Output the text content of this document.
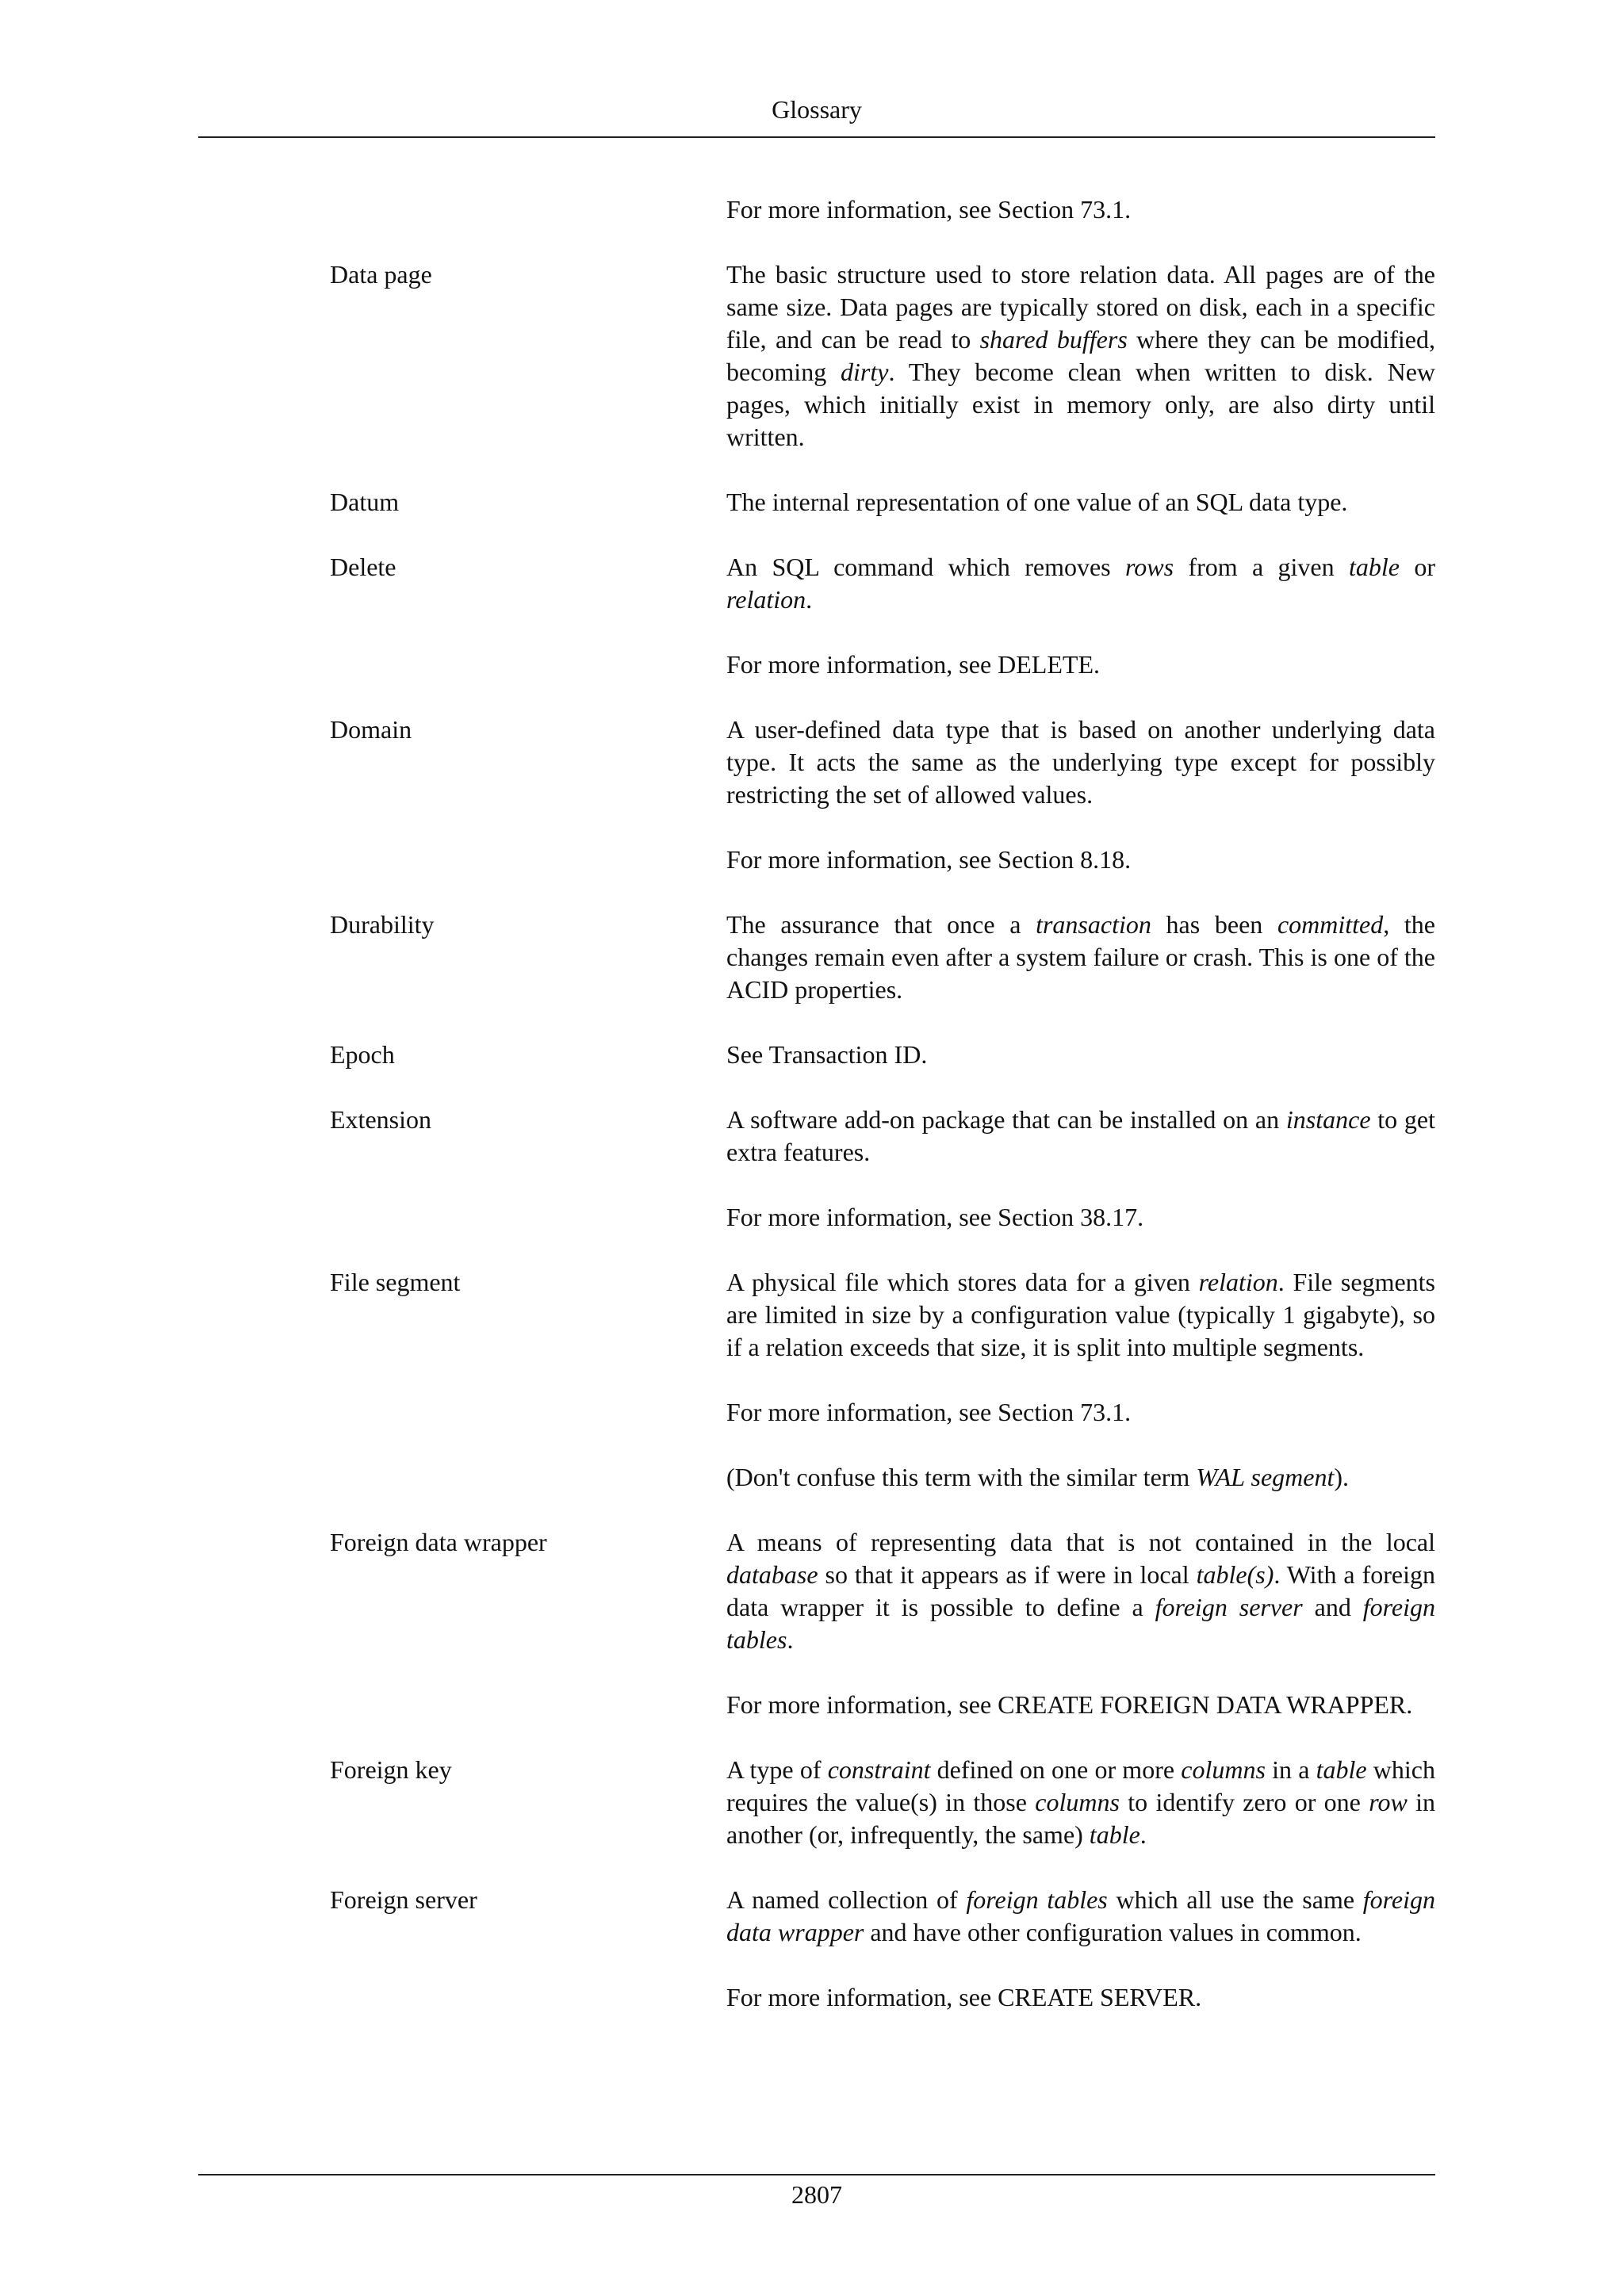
Glossary

For more information, see Section 73.1.

Data page	The basic structure used to store relation data. All pages are of the same size. Data pages are typically stored on disk, each in a specific file, and can be read to shared buffers where they can be modified, becoming dirty. They become clean when written to disk. New pages, which initially exist in memory only, are also dirty until written.

Datum	The internal representation of one value of an SQL data type.

Delete	An SQL command which removes rows from a given table or relation.

For more information, see DELETE.

Domain	A user-defined data type that is based on another underlying data type. It acts the same as the underlying type except for possibly restricting the set of allowed values.

For more information, see Section 8.18.

Durability	The assurance that once a transaction has been committed, the changes remain even after a system failure or crash. This is one of the ACID properties.

Epoch	See Transaction ID.

Extension	A software add-on package that can be installed on an instance to get extra features.

For more information, see Section 38.17.

File segment	A physical file which stores data for a given relation. File segments are limited in size by a configuration value (typically 1 gigabyte), so if a relation exceeds that size, it is split into multiple segments.

For more information, see Section 73.1.

(Don't confuse this term with the similar term WAL segment).

Foreign data wrapper	A means of representing data that is not contained in the local database so that it appears as if were in local table(s). With a foreign data wrapper it is possible to define a foreign server and foreign tables.

For more information, see CREATE FOREIGN DATA WRAPPER.

Foreign key	A type of constraint defined on one or more columns in a table which requires the value(s) in those columns to identify zero or one row in another (or, infrequently, the same) table.

Foreign server	A named collection of foreign tables which all use the same foreign data wrapper and have other configuration values in common.

For more information, see CREATE SERVER.

2807
